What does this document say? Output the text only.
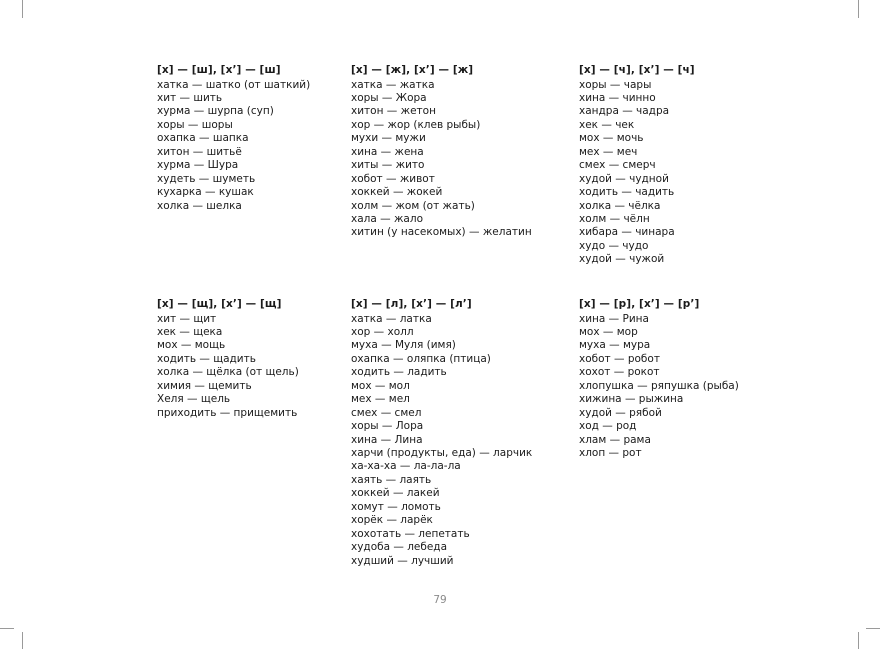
[х] — [ш], [х’] — [ш]
хатка — шатко (от шаткий)
хит — шить
хурма — шурпа (суп)
хоры — шоры
охапка — шапка
хитон — шитьё
хурма — Шура
худеть — шуметь
кухарка — кушак
холка — шелка
[х] — [ж], [х’] — [ж]
хатка — жатка
хоры — Жора
хитон — жетон
хор — жор (клев рыбы)
мухи — мужи
хина — жена
хиты — жито
хобот — живот
хоккей — жокей
холм — жом (от жать)
хала — жало
хитин (у насекомых) — желатин
[х] — [ч], [х’] — [ч]
хоры — чары
хина — чинно
хандра — чадра
хек — чек
мох — мочь
мех — меч
смех — смерч
худой — чудной
ходить — чадить
холка — чёлка
холм — чёлн
хибара — чинара
худо — чудо
худой — чужой
[х] — [щ], [х’] — [щ]
хит — щит
хек — щека
мох — мощь
ходить — щадить
холка — щёлка (от щель)
химия — щемить
Хеля — щель
приходить — прищемить
[х] — [л], [х’] — [л’]
хатка — латка
хор — холл
муха — Муля (имя)
охапка — оляпка (птица)
ходить — ладить
мох — мол
мех — мел
смех — смел
хоры — Лора
хина — Лина
харчи (продукты, еда) — ларчик
ха-ха-ха — ла-ла-ла
хаять — лаять
хоккей — лакей
хомут — ломоть
хорёк — ларёк
хохотать — лепетать
худоба — лебеда
худший — лучший
[х] — [р], [х’] — [р’]
хина — Рина
мох — мор
муха — мура
хобот — робот
хохот — рокот
хлопушка — ряпушка (рыба)
хижина — рыжина
худой — рябой
ход — род
хлам — рама
хлоп — рот
79
